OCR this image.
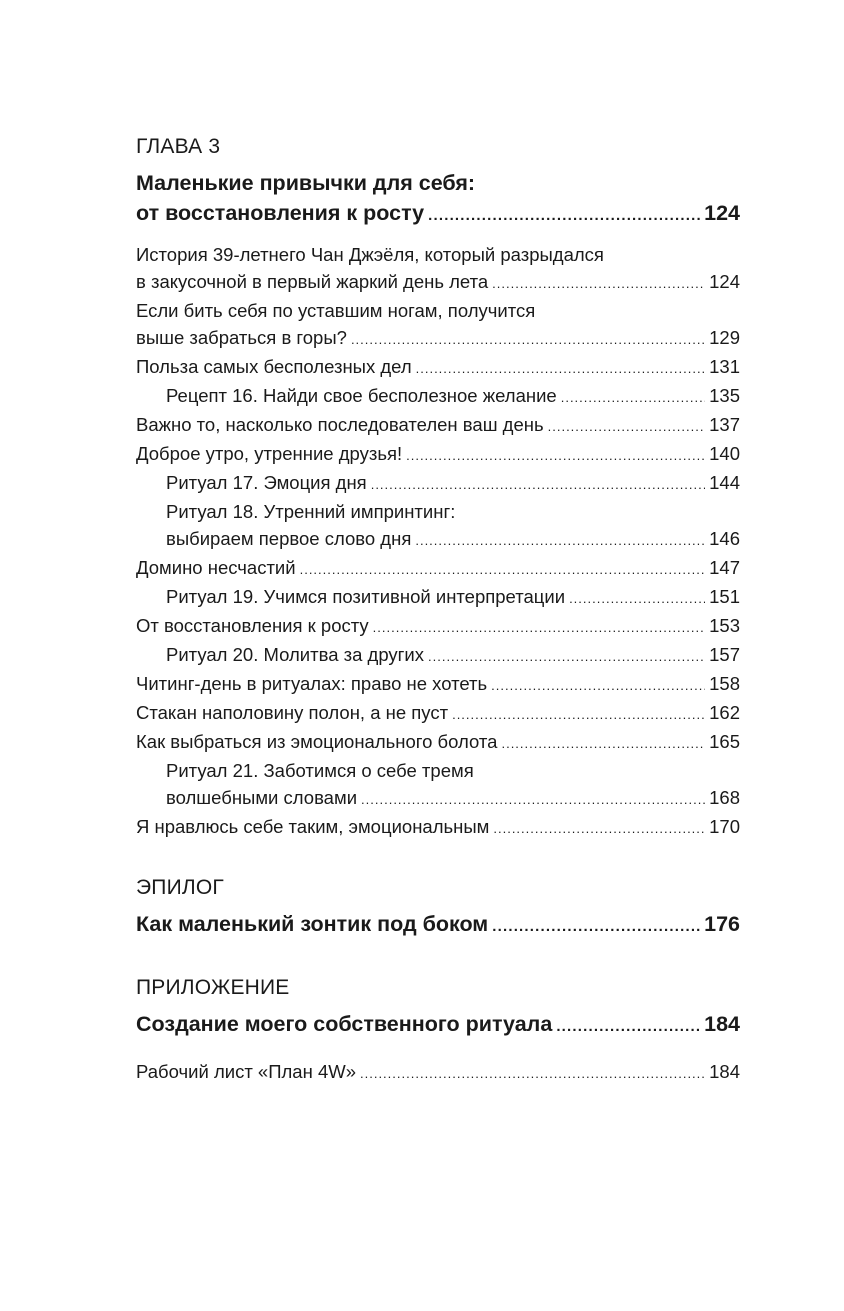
ГЛАВА 3
Маленькие привычки для себя:
от восстановления к росту .....	124
История 39-летнего Чан Джэёля, который разрыдался
в закусочной в первый жаркий день лета .....	124
Если бить себя по уставшим ногам, получится
выше забраться в горы? .....	129
Польза самых бесполезных дел .....	131
Рецепт 16. Найди свое бесполезное желание .....	135
Важно то, насколько последователен ваш день .....	137
Доброе утро, утренние друзья! .....	140
Ритуал 17. Эмоция дня .....	144
Ритуал 18. Утренний импринтинг:
выбираем первое слово дня .....	146
Домино несчастий .....	147
Ритуал 19. Учимся позитивной интерпретации .....	151
От восстановления к росту .....	153
Ритуал 20. Молитва за других .....	157
Читинг-день в ритуалах: право не хотеть .....	158
Стакан наполовину полон, а не пуст .....	162
Как выбраться из эмоционального болота .....	165
Ритуал 21. Заботимся о себе тремя
волшебными словами .....	168
Я нравлюсь себе таким, эмоциональным .....	170
ЭПИЛОГ
Как маленький зонтик под боком .....	176
ПРИЛОЖЕНИЕ
Создание моего собственного ритуала .....	184
Рабочий лист «План 4W» .....	184
